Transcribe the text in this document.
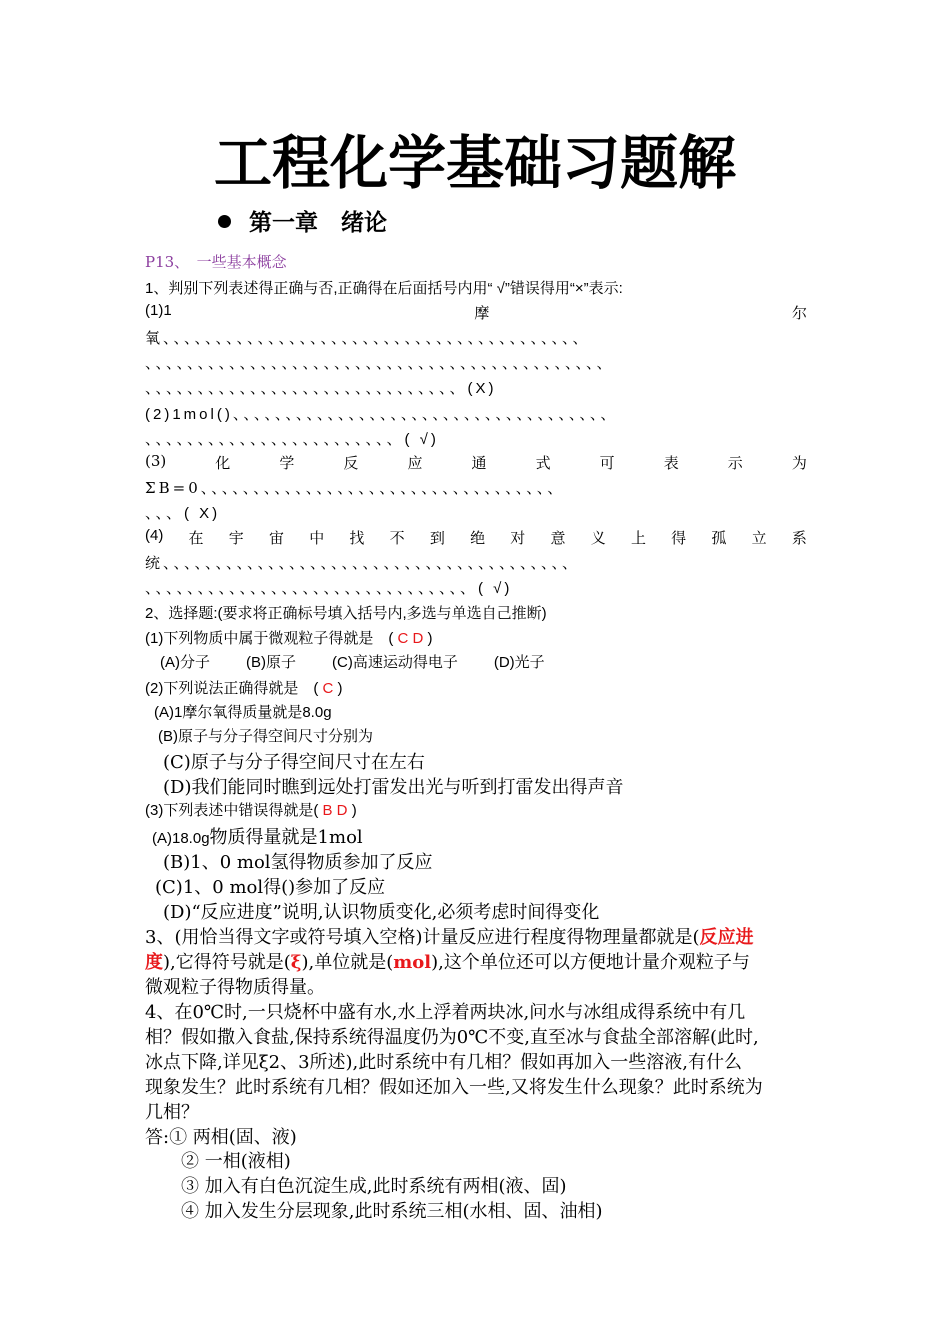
工程化学基础习题解
第一章　绪论
P13、　一些基本概念
1、判别下列表述得正确与否,正确得在后面括号内用“ √”错误得用“×”表示:
(1)1	摩	尔
氧、、、、、、、、、、、、、、、、、、、、、、、、、、、、、、、、、、、、、、、、
、、、、、、、、、、、、、、、、、、、、、、、、、、、、、、、、、、、、、、、、、、、、
、、、、、、、、、、、、、、、、、、、、、、、、、、、、、、(X)
(2)1mol()、、、、、、、、、、、、、、、、、、、、、、、、、、、、、、、、、、、、
、、、、、、、、、、、、、、、、、、、、、、、、( √)
(3)	化	学	反	应	通	式	可	表	示	为
ΣB=0、、、、、、、、、、、、、、、、、、、、、、、、、、、、、、、、、、
、、、( X)
(4) 在 宇 宙 中 找 不 到 绝 对 意 义 上 得 孤 立 系
统、、、、、、、、、、、、、、、、、、、、、、、、、、、、、、、、、、、、、、、
、、、、、、、、、、、、、、、、、、、、、、、、、、、、、、、( √)
2、选择题:(要求将正确标号填入括号内,多选与单选自己推断)
(1)下列物质中属于微观粒子得就是　( C D )
(A)分子 (B)原子 (C)高速运动得电子 (D)光子
(2)下列说法正确得就是　( C )
(A)1摩尔氧得质量就是8.0g
(B)原子与分子得空间尺寸分别为
(C)原子与分子得空间尺寸在左右
(D)我们能同时瞧到远处打雷发出光与听到打雷发出得声音
(3)下列表述中错误得就是( B D )
(A)18.0g物质得量就是1mol
(B)1、0 mol氢得物质参加了反应
(C)1、0 mol得()参加了反应
(D)“反应进度”说明,认识物质变化,必须考虑时间得变化
3、(用恰当得文字或符号填入空格)计量反应进行程度得物理量都就是(反应进
度),它得符号就是(ξ),单位就是(mol),这个单位还可以方便地计量介观粒子与
微观粒子得物质得量。
4、在0℃时,一只烧杯中盛有水,水上浮着两块冰,问水与冰组成得系统中有几
相？假如撒入食盐,保持系统得温度仍为0℃不变,直至冰与食盐全部溶解(此时,
冰点下降,详见ξ2、3所述),此时系统中有几相？假如再加入一些溶液,有什么
现象发生？此时系统有几相？假如还加入一些,又将发生什么现象？此时系统为
几相？
答:① 两相(固、液)
② 一相(液相)
③ 加入有白色沉淀生成,此时系统有两相(液、固)
④ 加入发生分层现象,此时系统三相(水相、固、油相)
